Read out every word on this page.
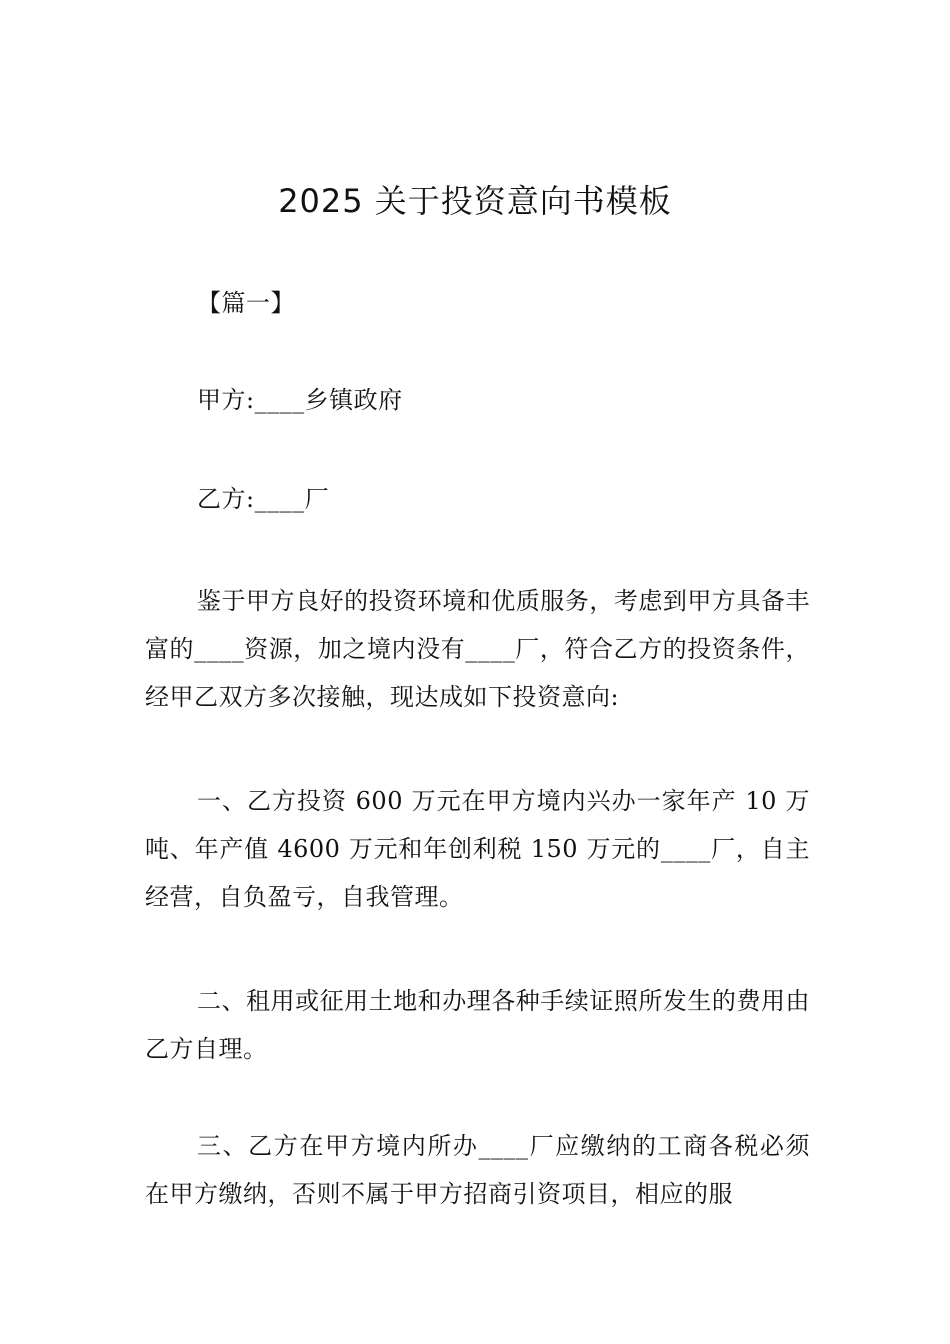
2025 关于投资意向书模板

【篇一】

甲方:____乡镇政府

乙方:____厂

鉴于甲方良好的投资环境和优质服务，考虑到甲方具备丰富的____资源，加之境内没有____厂，符合乙方的投资条件，经甲乙双方多次接触，现达成如下投资意向:

一、乙方投资 600 万元在甲方境内兴办一家年产 10 万吨、年产值 4600 万元和年创利税 150 万元的____厂，自主经营，自负盈亏，自我管理。

二、租用或征用土地和办理各种手续证照所发生的费用由乙方自理。

三、乙方在甲方境内所办____厂应缴纳的工商各税必须在甲方缴纳，否则不属于甲方招商引资项目，相应的服
